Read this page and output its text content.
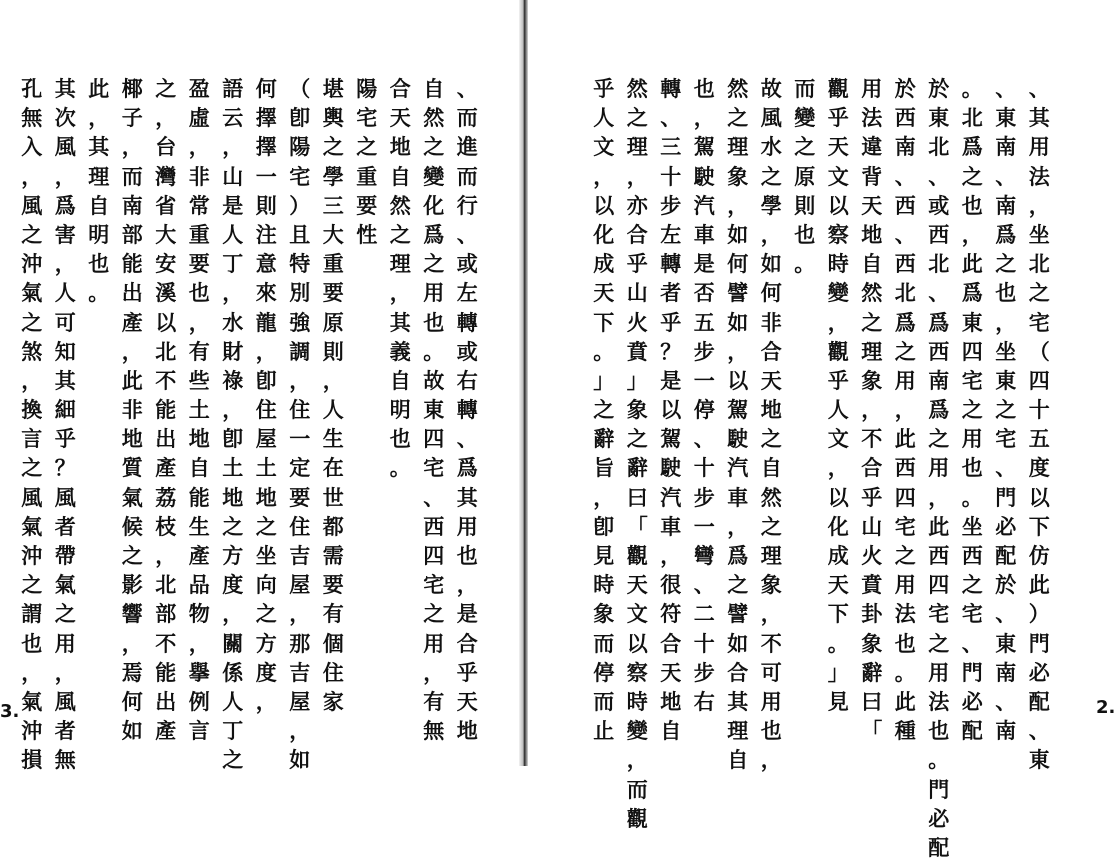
、
而
進
而
行
、
或
左
轉
或
右
轉
、
爲
其
用
也
，
是
合
乎
天
地
自
然
之
變
化
爲
之
用
也
。
故
東
四
宅
、
西
四
宅
之
用
，
有
無
合
天
地
自
然
之
理
，
其
義
自
明
也
。
陽
宅
之
重
要
性
堪
輿
之
學
三
大
重
要
原
則
，
人
生
在
世
都
需
要
有
個
住
家
（
卽
陽
宅
）
且
特
別
強
調
，
住
一
定
要
住
吉
屋
，
那
吉
屋
，
如
何
擇
擇
一
則
注
意
來
龍
，
卽
住
屋
土
地
之
坐
向
之
方
度
，
語
云
，
山
是
人
丁
，
水
財
祿
，
卽
土
地
之
方
度
，
關
係
人
丁
之
盈
虛
，
非
常
重
要
也
，
有
些
土
地
自
能
生
產
品
物
，
擧
例
言
之
，
台
灣
省
大
安
溪
以
北
不
能
出
產
荔
枝
，
北
部
不
能
出
產
椰
子
，
而
南
部
能
出
產
，
此
非
地
質
氣
候
之
影
響
，
焉
何
如
此
，
其
理
自
明
也
。
其
次
風
，
爲
害
，
人
可
知
其
細
乎
？
風
者
帶
氣
之
用
，
風
者
無
孔
無
入
，
風
之
沖
氣
之
煞
，
換
言
之
風
氣
沖
之
謂
也
，
氣
沖
損
3.
、
其
用
法
，
坐
北
之
宅
（
四
十
五
度
以
下
仿
此
）
門
必
配
、
東
、
東
南
、
南
爲
之
也
，
坐
東
之
宅
、
門
必
配
於
、
東
南
、
南
。
北
爲
之
也
，
此
爲
東
四
宅
之
用
也
。
坐
西
之
宅
、
門
必
配
於
東
北
、
或
西
北
、
爲
西
南
爲
之
用
，
此
西
四
宅
之
用
法
也
。
門
必
配
於
西
南
、
西
、
西
北
爲
之
用
，
此
西
四
宅
之
用
法
也
。
此
種
用
法
違
背
天
地
自
然
之
理
象
，
不
合
乎
山
火
賁
卦
象
辭
曰
「
觀
乎
天
文
以
察
時
變
，
觀
乎
人
文
，
以
化
成
天
下
。
」
見
而
變
之
原
則
也
。
故
風
水
之
學
，
如
何
非
合
天
地
之
自
然
之
理
象
，
不
可
用
也
，
然
之
理
象
，
如
何
譬
如
，
以
駕
駛
汽
車
，
爲
之
譬
如
合
其
理
自
也
，
駕
駛
汽
車
是
否
五
步
一
停
、
十
步
一
彎
、
二
十
步
右
轉
、
三
十
步
左
轉
者
乎
？
是
以
駕
駛
汽
車
，
很
符
合
天
地
自
然
之
理
，
亦
合
乎
山
火
賁
」
象
之
辭
曰
「
觀
天
文
以
察
時
變
，
而
觀
乎
人
文
，
以
化
成
天
下
。
」
之
辭
旨
，
卽
見
時
象
而
停
而
止
2.
